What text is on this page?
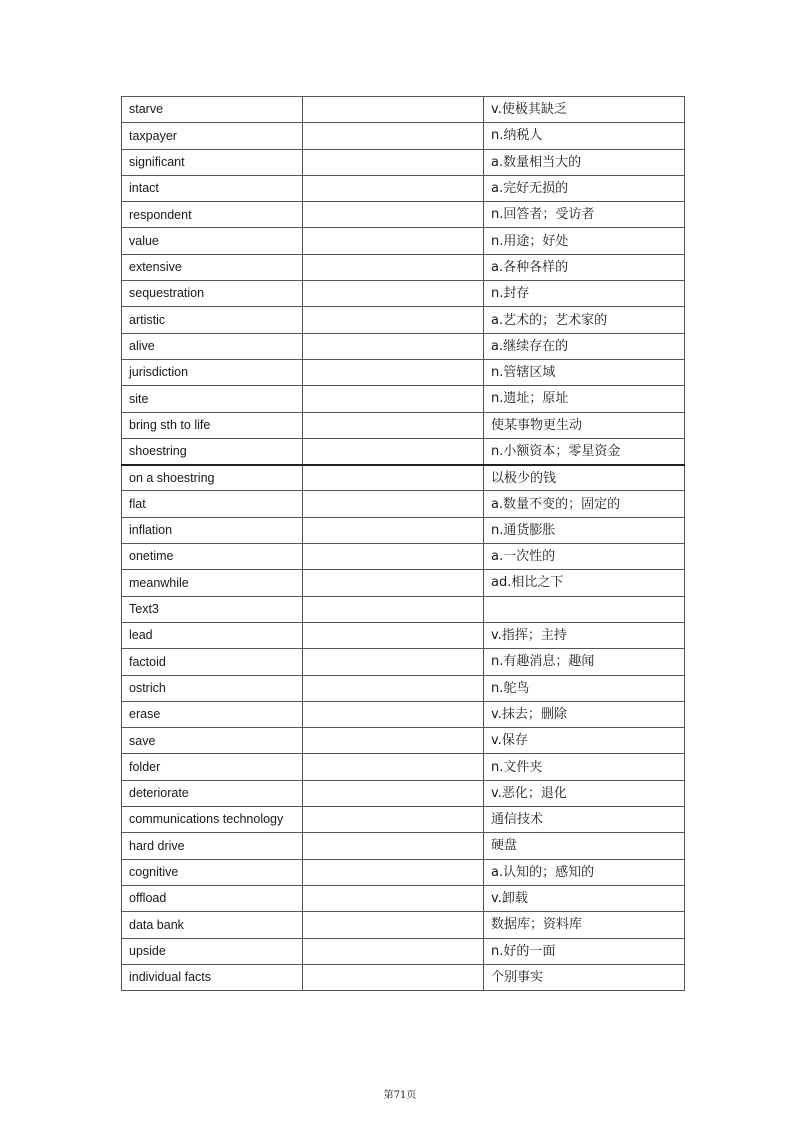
starve		v.使极其缺乏
taxpayer		n.纳税人
significant		a.数量相当大的
intact		a.完好无损的
respondent		n.回答者；受访者
value		n.用途；好处
extensive		a.各种各样的
sequestration		n.封存
artistic		a.艺术的；艺术家的
alive		a.继续存在的
jurisdiction		n.管辖区域
site		n.遗址；原址
bring sth to life		使某事物更生动
shoestring		n.小额资本；零星资金
on a shoestring		以极少的钱
flat		a.数量不变的；固定的
inflation		n.通货膨胀
onetime		a.一次性的
meanwhile		ad.相比之下
Text3		
lead		v.指挥；主持
factoid		n.有趣消息；趣闻
ostrich		n.鸵鸟
erase		v.抹去；删除
save		v.保存
folder		n.文件夹
deteriorate		v.恶化；退化
communications technology		通信技术
hard drive		硬盘
cognitive		a.认知的；感知的
offload		v.卸载
data bank		数据库；资料库
upside		n.好的一面
individual facts		个别事实
第71页
